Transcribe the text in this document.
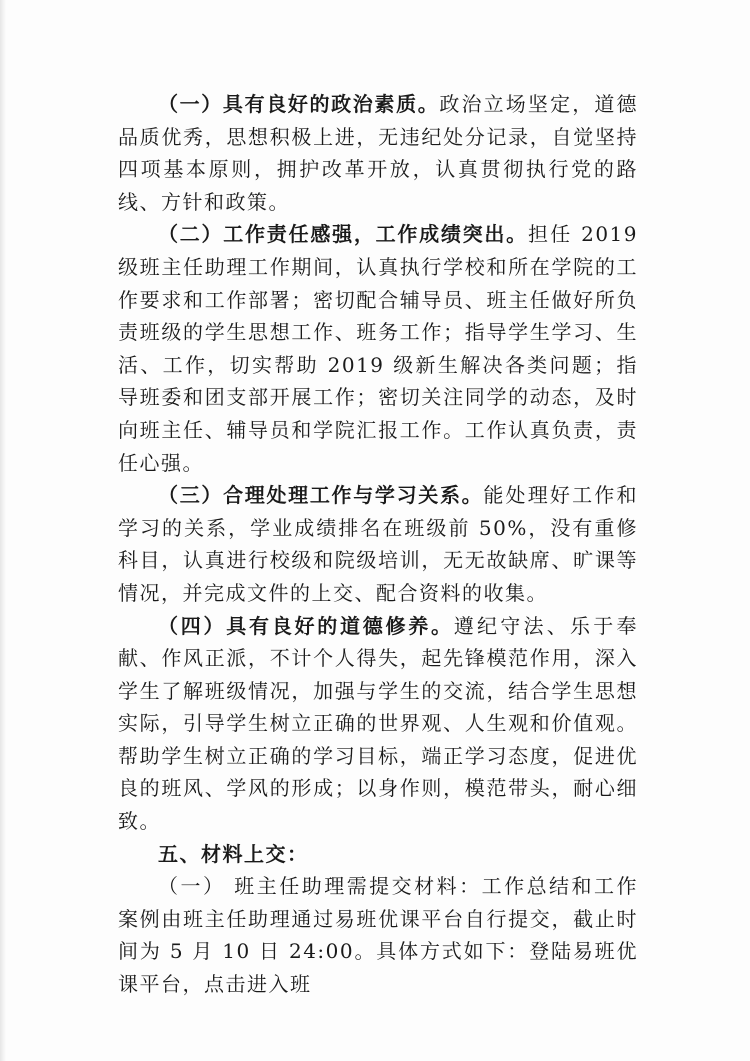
（一）具有良好的政治素质。政治立场坚定，道德品质优秀，思想积极上进，无违纪处分记录，自觉坚持四项基本原则，拥护改革开放，认真贯彻执行党的路线、方针和政策。

（二）工作责任感强，工作成绩突出。担任 2019 级班主任助理工作期间，认真执行学校和所在学院的工作要求和工作部署；密切配合辅导员、班主任做好所负责班级的学生思想工作、班务工作；指导学生学习、生活、工作，切实帮助 2019 级新生解决各类问题；指导班委和团支部开展工作；密切关注同学的动态，及时向班主任、辅导员和学院汇报工作。工作认真负责，责任心强。

（三）合理处理工作与学习关系。能处理好工作和学习的关系，学业成绩排名在班级前 50%，没有重修科目，认真进行校级和院级培训，无无故缺席、旷课等情况，并完成文件的上交、配合资料的收集。

（四）具有良好的道德修养。遵纪守法、乐于奉献、作风正派，不计个人得失，起先锋模范作用，深入学生了解班级情况，加强与学生的交流，结合学生思想实际，引导学生树立正确的世界观、人生观和价值观。帮助学生树立正确的学习目标，端正学习态度，促进优良的班风、学风的形成；以身作则，模范带头，耐心细致。

五、材料上交：

（一） 班主任助理需提交材料：工作总结和工作案例由班主任助理通过易班优课平台自行提交，截止时间为 5 月 10 日 24:00。具体方式如下：登陆易班优课平台，点击进入班
